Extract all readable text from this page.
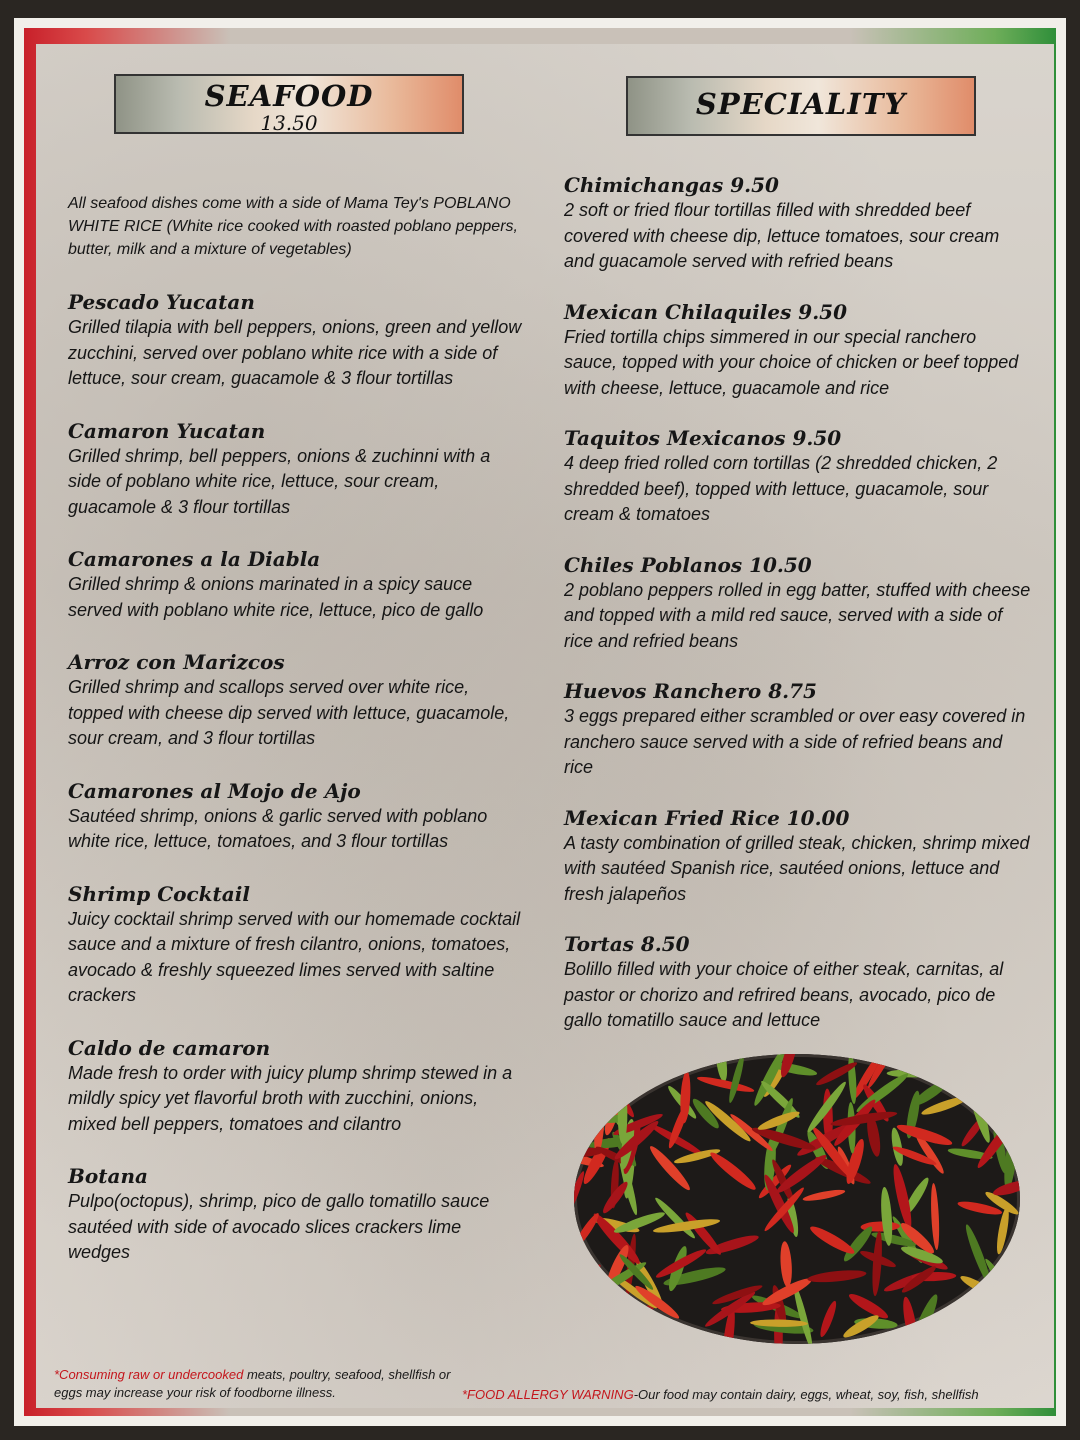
SEAFOOD
13.50
SPECIALITY

All seafood dishes come with a side of Mama Tey's POBLANO WHITE RICE (White rice cooked with roasted poblano peppers, butter, milk and a mixture of vegetables)

Pescado Yucatan
Grilled tilapia with bell peppers, onions, green and yellow zucchini, served over poblano white rice with a side of lettuce, sour cream, guacamole & 3 flour tortillas
Camaron Yucatan
Grilled shrimp, bell peppers, onions & zuchinni with a side of poblano white rice, lettuce, sour cream, guacamole & 3 flour tortillas
Camarones a la Diabla
Grilled shrimp & onions marinated in a spicy sauce served with poblano white rice, lettuce, pico de gallo
Arroz con Marizcos
Grilled shrimp and scallops served over white rice, topped with cheese dip served with lettuce, guacamole, sour cream, and 3 flour tortillas
Camarones al Mojo de Ajo
Sautéed shrimp, onions & garlic served with poblano white rice, lettuce, tomatoes, and 3 flour tortillas
Shrimp Cocktail
Juicy cocktail shrimp served with our homemade cocktail sauce and a mixture of fresh cilantro, onions, tomatoes, avocado & freshly squeezed limes served with saltine crackers
Caldo de camaron
Made fresh to order with juicy plump shrimp stewed in a mildly spicy yet flavorful broth with zucchini, onions, mixed bell peppers, tomatoes and cilantro
Botana
Pulpo(octopus), shrimp, pico de gallo tomatillo sauce sautéed with side of avocado slices crackers lime wedges
Chimichangas 9.50
2 soft or fried flour tortillas filled with shredded beef covered with cheese dip, lettuce tomatoes, sour cream and guacamole served with refried beans
Mexican Chilaquiles 9.50
Fried tortilla chips simmered in our special ranchero sauce, topped with your choice of chicken or beef topped with cheese, lettuce, guacamole and rice
Taquitos Mexicanos 9.50
4 deep fried rolled corn tortillas (2 shredded chicken, 2 shredded beef), topped with lettuce, guacamole, sour cream & tomatoes
Chiles Poblanos 10.50
2 poblano peppers rolled in egg batter, stuffed with cheese and topped with a mild red sauce, served with a side of rice and refried beans
Huevos Ranchero 8.75
3 eggs prepared either scrambled or over easy covered in ranchero sauce served with a side of refried beans and rice
Mexican Fried Rice 10.00
A tasty combination of grilled steak, chicken, shrimp mixed with sautéed Spanish rice, sautéed onions, lettuce and fresh jalapeños
Tortas 8.50
Bolillo filled with your choice of either steak, carnitas, al pastor or chorizo and refrired beans, avocado, pico de gallo tomatillo sauce and lettuce
*Consuming raw or undercooked meats, poultry, seafood, shellfish or eggs may increase your risk of foodborne illness.	*FOOD ALLERGY WARNING-Our food may contain dairy, eggs, wheat, soy, fish, shellfish
